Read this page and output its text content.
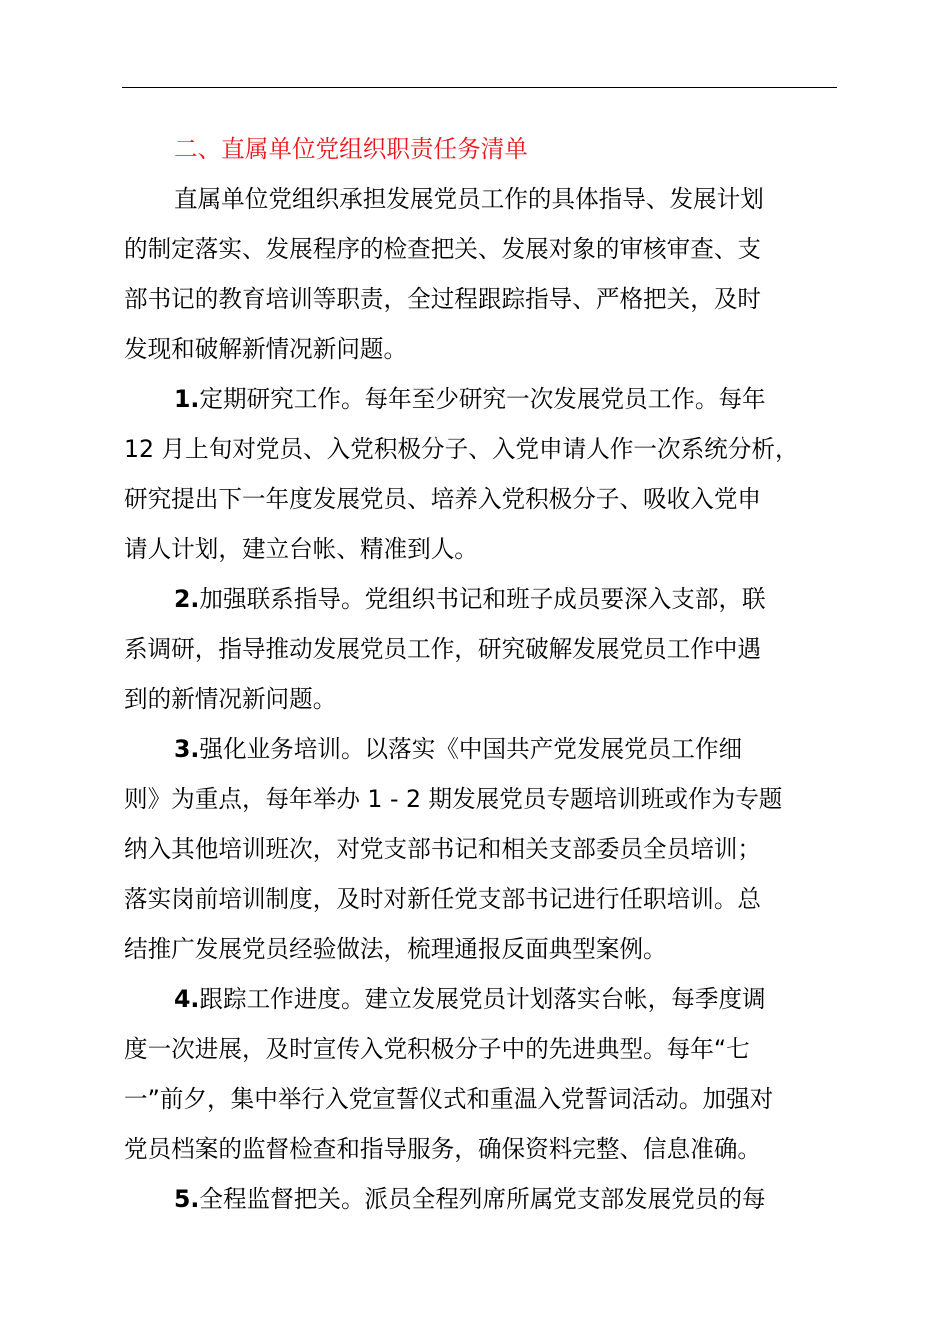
二、直属单位党组织职责任务清单
直属单位党组织承担发展党员工作的具体指导、发展计划
的制定落实、发展程序的检查把关、发展对象的审核审查、支
部书记的教育培训等职责，全过程跟踪指导、严格把关，及时
发现和破解新情况新问题。
1.定期研究工作。每年至少研究一次发展党员工作。每年
12 月上旬对党员、入党积极分子、入党申请人作一次系统分析，
研究提出下一年度发展党员、培养入党积极分子、吸收入党申
请人计划，建立台帐、精准到人。
2.加强联系指导。党组织书记和班子成员要深入支部，联
系调研，指导推动发展党员工作，研究破解发展党员工作中遇
到的新情况新问题。
3.强化业务培训。以落实《中国共产党发展党员工作细
则》为重点，每年举办 1 - 2 期发展党员专题培训班或作为专题
纳入其他培训班次，对党支部书记和相关支部委员全员培训；
落实岗前培训制度，及时对新任党支部书记进行任职培训。总
结推广发展党员经验做法，梳理通报反面典型案例。
4.跟踪工作进度。建立发展党员计划落实台帐，每季度调
度一次进展，及时宣传入党积极分子中的先进典型。每年“七
一”前夕，集中举行入党宣誓仪式和重温入党誓词活动。加强对
党员档案的监督检查和指导服务，确保资料完整、信息准确。
5.全程监督把关。派员全程列席所属党支部发展党员的每
